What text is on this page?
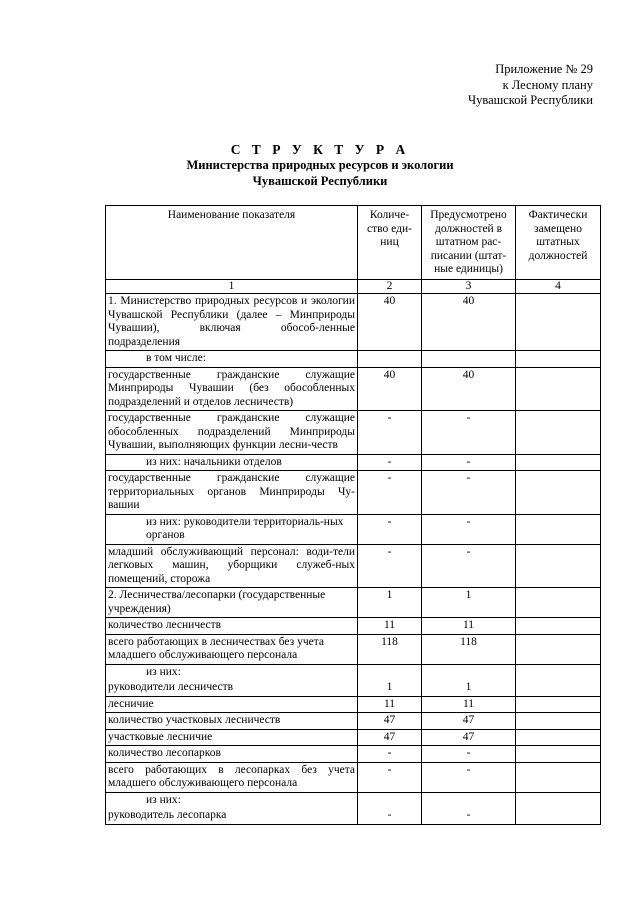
Приложение № 29
к Лесному плану
Чувашской Республики
С Т Р У К Т У Р А
Министерства природных ресурсов и экологии
Чувашской Республики
Наименование показателя	Количе-ство еди-ниц	Предусмотрено должностей в штатном рас-писании (штат-ные единицы)	Фактически замещено штатных должностей
1	2	3	4
1. Министерство природных ресурсов и экологии Чувашской Республики (далее – Минприроды Чувашии), включая обособ-ленные подразделения	40	40	
в том числе:			
государственные гражданские служащие Минприроды Чувашии (без обособленных подразделений и отделов лесничеств)	40	40	
государственные гражданские служащие обособленных подразделений Минприроды Чувашии, выполняющих функции лесни-честв	-	-	
из них: начальники отделов	-	-	
государственные гражданские служащие территориальных органов Минприроды Чу-вашии	-	-	
из них: руководители территориаль-ных органов	-	-	
младший обслуживающий персонал: води-тели легковых машин, уборщики служеб-ных помещений, сторожа	-	-	
2. Лесничества/лесопарки (государственные учреждения)	1	1	
количество лесничеств	11	11	
всего работающих в лесничествах без учета младшего обслуживающего персонала	118	118	
из них:			
руководители лесничеств	1	1	
лесничие	11	11	
количество участковых лесничеств	47	47	
участковые лесничие	47	47	
количество лесопарков	-	-	
всего работающих в лесопарках без учета младшего обслуживающего персонала	-	-	
из них:			
руководитель лесопарка	-	-	
